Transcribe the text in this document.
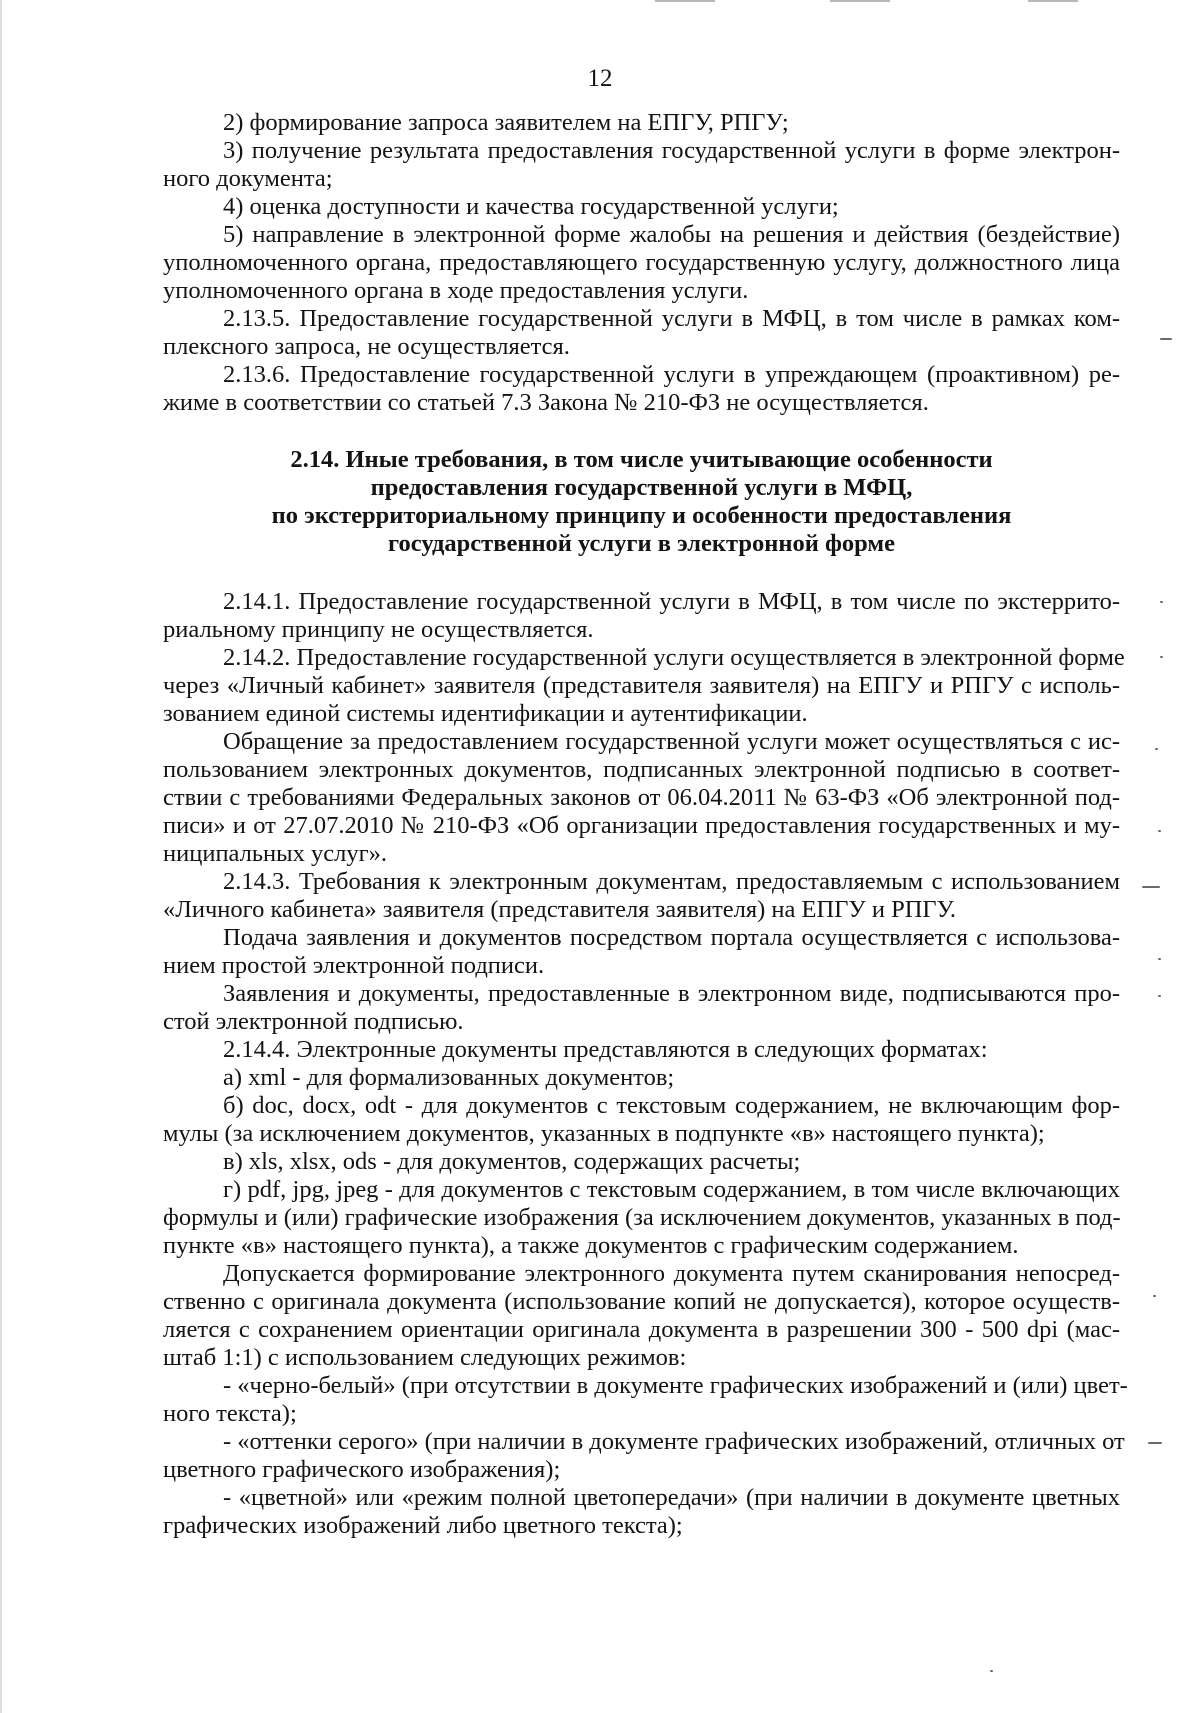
12
2) формирование запроса заявителем на ЕПГУ, РПГУ;
3) получение результата предоставления государственной услуги в форме электрон-
ного документа;
4) оценка доступности и качества государственной услуги;
5) направление в электронной форме жалобы на решения и действия (бездействие)
уполномоченного органа, предоставляющего государственную услугу, должностного лица
уполномоченного органа в ходе предоставления услуги.
2.13.5. Предоставление государственной услуги в МФЦ, в том числе в рамках ком-
плексного запроса, не осуществляется.
2.13.6. Предоставление государственной услуги в упреждающем (проактивном) ре-
жиме в соответствии со статьей 7.3 Закона № 210-ФЗ не осуществляется.
2.14. Иные требования, в том числе учитывающие особенности
предоставления государственной услуги в МФЦ,
по экстерриториальному принципу и особенности предоставления
государственной услуги в электронной форме
2.14.1. Предоставление государственной услуги в МФЦ, в том числе по экстеррито-
риальному принципу не осуществляется.
2.14.2. Предоставление государственной услуги осуществляется в электронной форме
через «Личный кабинет» заявителя (представителя заявителя) на ЕПГУ и РПГУ с исполь-
зованием единой системы идентификации и аутентификации.
Обращение за предоставлением государственной услуги может осуществляться с ис-
пользованием электронных документов, подписанных электронной подписью в соответ-
ствии с требованиями Федеральных законов от 06.04.2011 № 63-ФЗ «Об электронной под-
писи» и от 27.07.2010 № 210-ФЗ «Об организации предоставления государственных и му-
ниципальных услуг».
2.14.3. Требования к электронным документам, предоставляемым с использованием
«Личного кабинета» заявителя (представителя заявителя) на ЕПГУ и РПГУ.
Подача заявления и документов посредством портала осуществляется с использова-
нием простой электронной подписи.
Заявления и документы, предоставленные в электронном виде, подписываются про-
стой электронной подписью.
2.14.4. Электронные документы представляются в следующих форматах:
а) xml - для формализованных документов;
б) doc, docx, odt - для документов с текстовым содержанием, не включающим фор-
мулы (за исключением документов, указанных в подпункте «в» настоящего пункта);
в) xls, xlsx, ods - для документов, содержащих расчеты;
г) pdf, jpg, jpeg - для документов с текстовым содержанием, в том числе включающих
формулы и (или) графические изображения (за исключением документов, указанных в под-
пункте «в» настоящего пункта), а также документов с графическим содержанием.
Допускается формирование электронного документа путем сканирования непосред-
ственно с оригинала документа (использование копий не допускается), которое осуществ-
ляется с сохранением ориентации оригинала документа в разрешении 300 - 500 dpi (мас-
штаб 1:1) с использованием следующих режимов:
- «черно-белый» (при отсутствии в документе графических изображений и (или) цвет-
ного текста);
- «оттенки серого» (при наличии в документе графических изображений, отличных от
цветного графического изображения);
- «цветной» или «режим полной цветопередачи» (при наличии в документе цветных
графических изображений либо цветного текста);
